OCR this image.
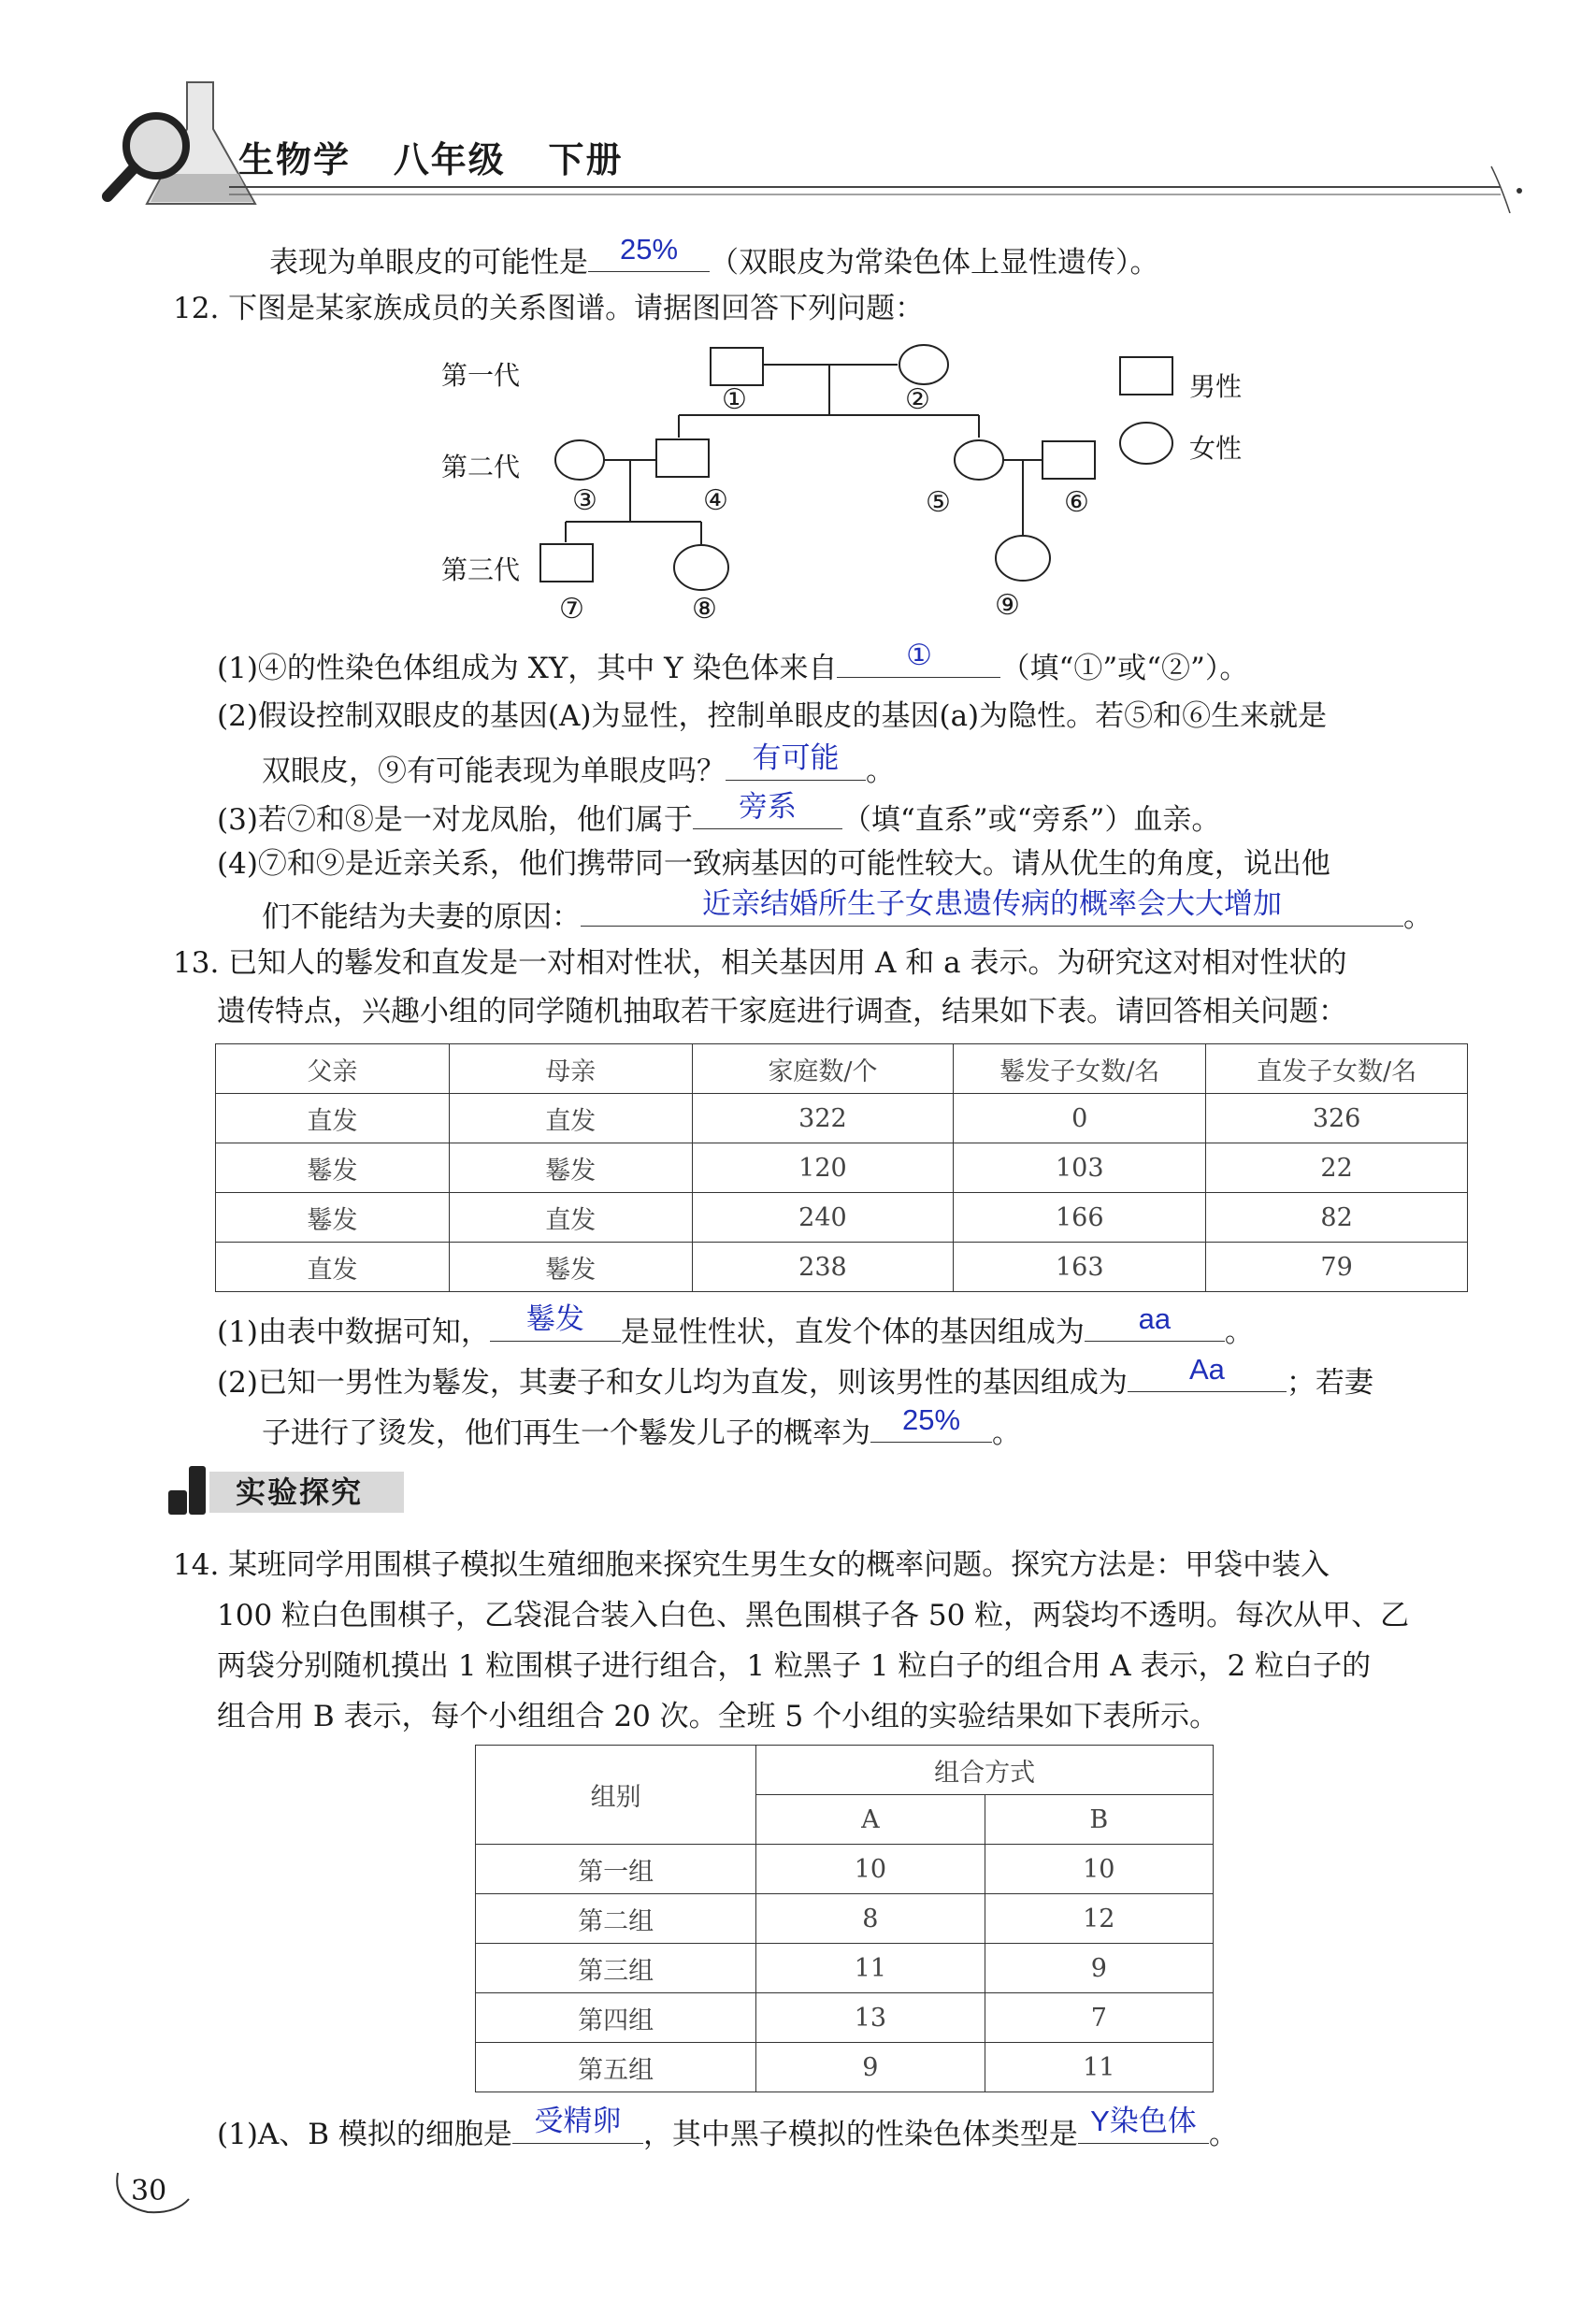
生物学 八年级 下册
表现为单眼皮的可能性是	25%	（双眼皮为常染色体上显性遗传）。
12. 下图是某家族成员的关系图谱。请据图回答下列问题：
第一代
第二代
第三代
①	②
③	④	⑤	⑥
⑦	⑧	⑨
男性
女性
(1)④的性染色体组成为 XY，其中 Y 染色体来自	①	（填“①”或“②”）。
(2)假设控制双眼皮的基因(A)为显性，控制单眼皮的基因(a)为隐性。若⑤和⑥生来就是
双眼皮，⑨有可能表现为单眼皮吗？ 有可能 。
(3)若⑦和⑧是一对龙凤胎，他们属于	旁系	（填“直系”或“旁系”）血亲。
(4)⑦和⑨是近亲关系，他们携带同一致病基因的可能性较大。请从优生的角度，说出他
们不能结为夫妻的原因：	近亲结婚所生子女患遗传病的概率会大大增加	。
13. 已知人的鬈发和直发是一对相对性状，相关基因用 A 和 a 表示。为研究这对相对性状的
遗传特点，兴趣小组的同学随机抽取若干家庭进行调查，结果如下表。请回答相关问题：
父亲	母亲	家庭数/个	鬈发子女数/名	直发子女数/名
直发	直发	322	0	326
鬈发	鬈发	120	103	22
鬈发	直发	240	166	82
直发	鬈发	238	163	79
(1)由表中数据可知，	鬈发	是显性性状，直发个体的基因组成为	aa	。
(2)已知一男性为鬈发，其妻子和女儿均为直发，则该男性的基因组成为	Aa	；若妻
子进行了烫发，他们再生一个鬈发儿子的概率为	25%	。
实验探究
14. 某班同学用围棋子模拟生殖细胞来探究生男生女的概率问题。探究方法是：甲袋中装入
100 粒白色围棋子，乙袋混合装入白色、黑色围棋子各 50 粒，两袋均不透明。每次从甲、乙
两袋分别随机摸出 1 粒围棋子进行组合，1 粒黑子 1 粒白子的组合用 A 表示，2 粒白子的
组合用 B 表示，每个小组组合 20 次。全班 5 个小组的实验结果如下表所示。
组别	组合方式	
	A	B
第一组	10	10
第二组	8	12
第三组	11	9
第四组	13	7
第五组	9	11
(1)A、B 模拟的细胞是 受精卵 ，其中黑子模拟的性染色体类型是 Y染色体 。
30
